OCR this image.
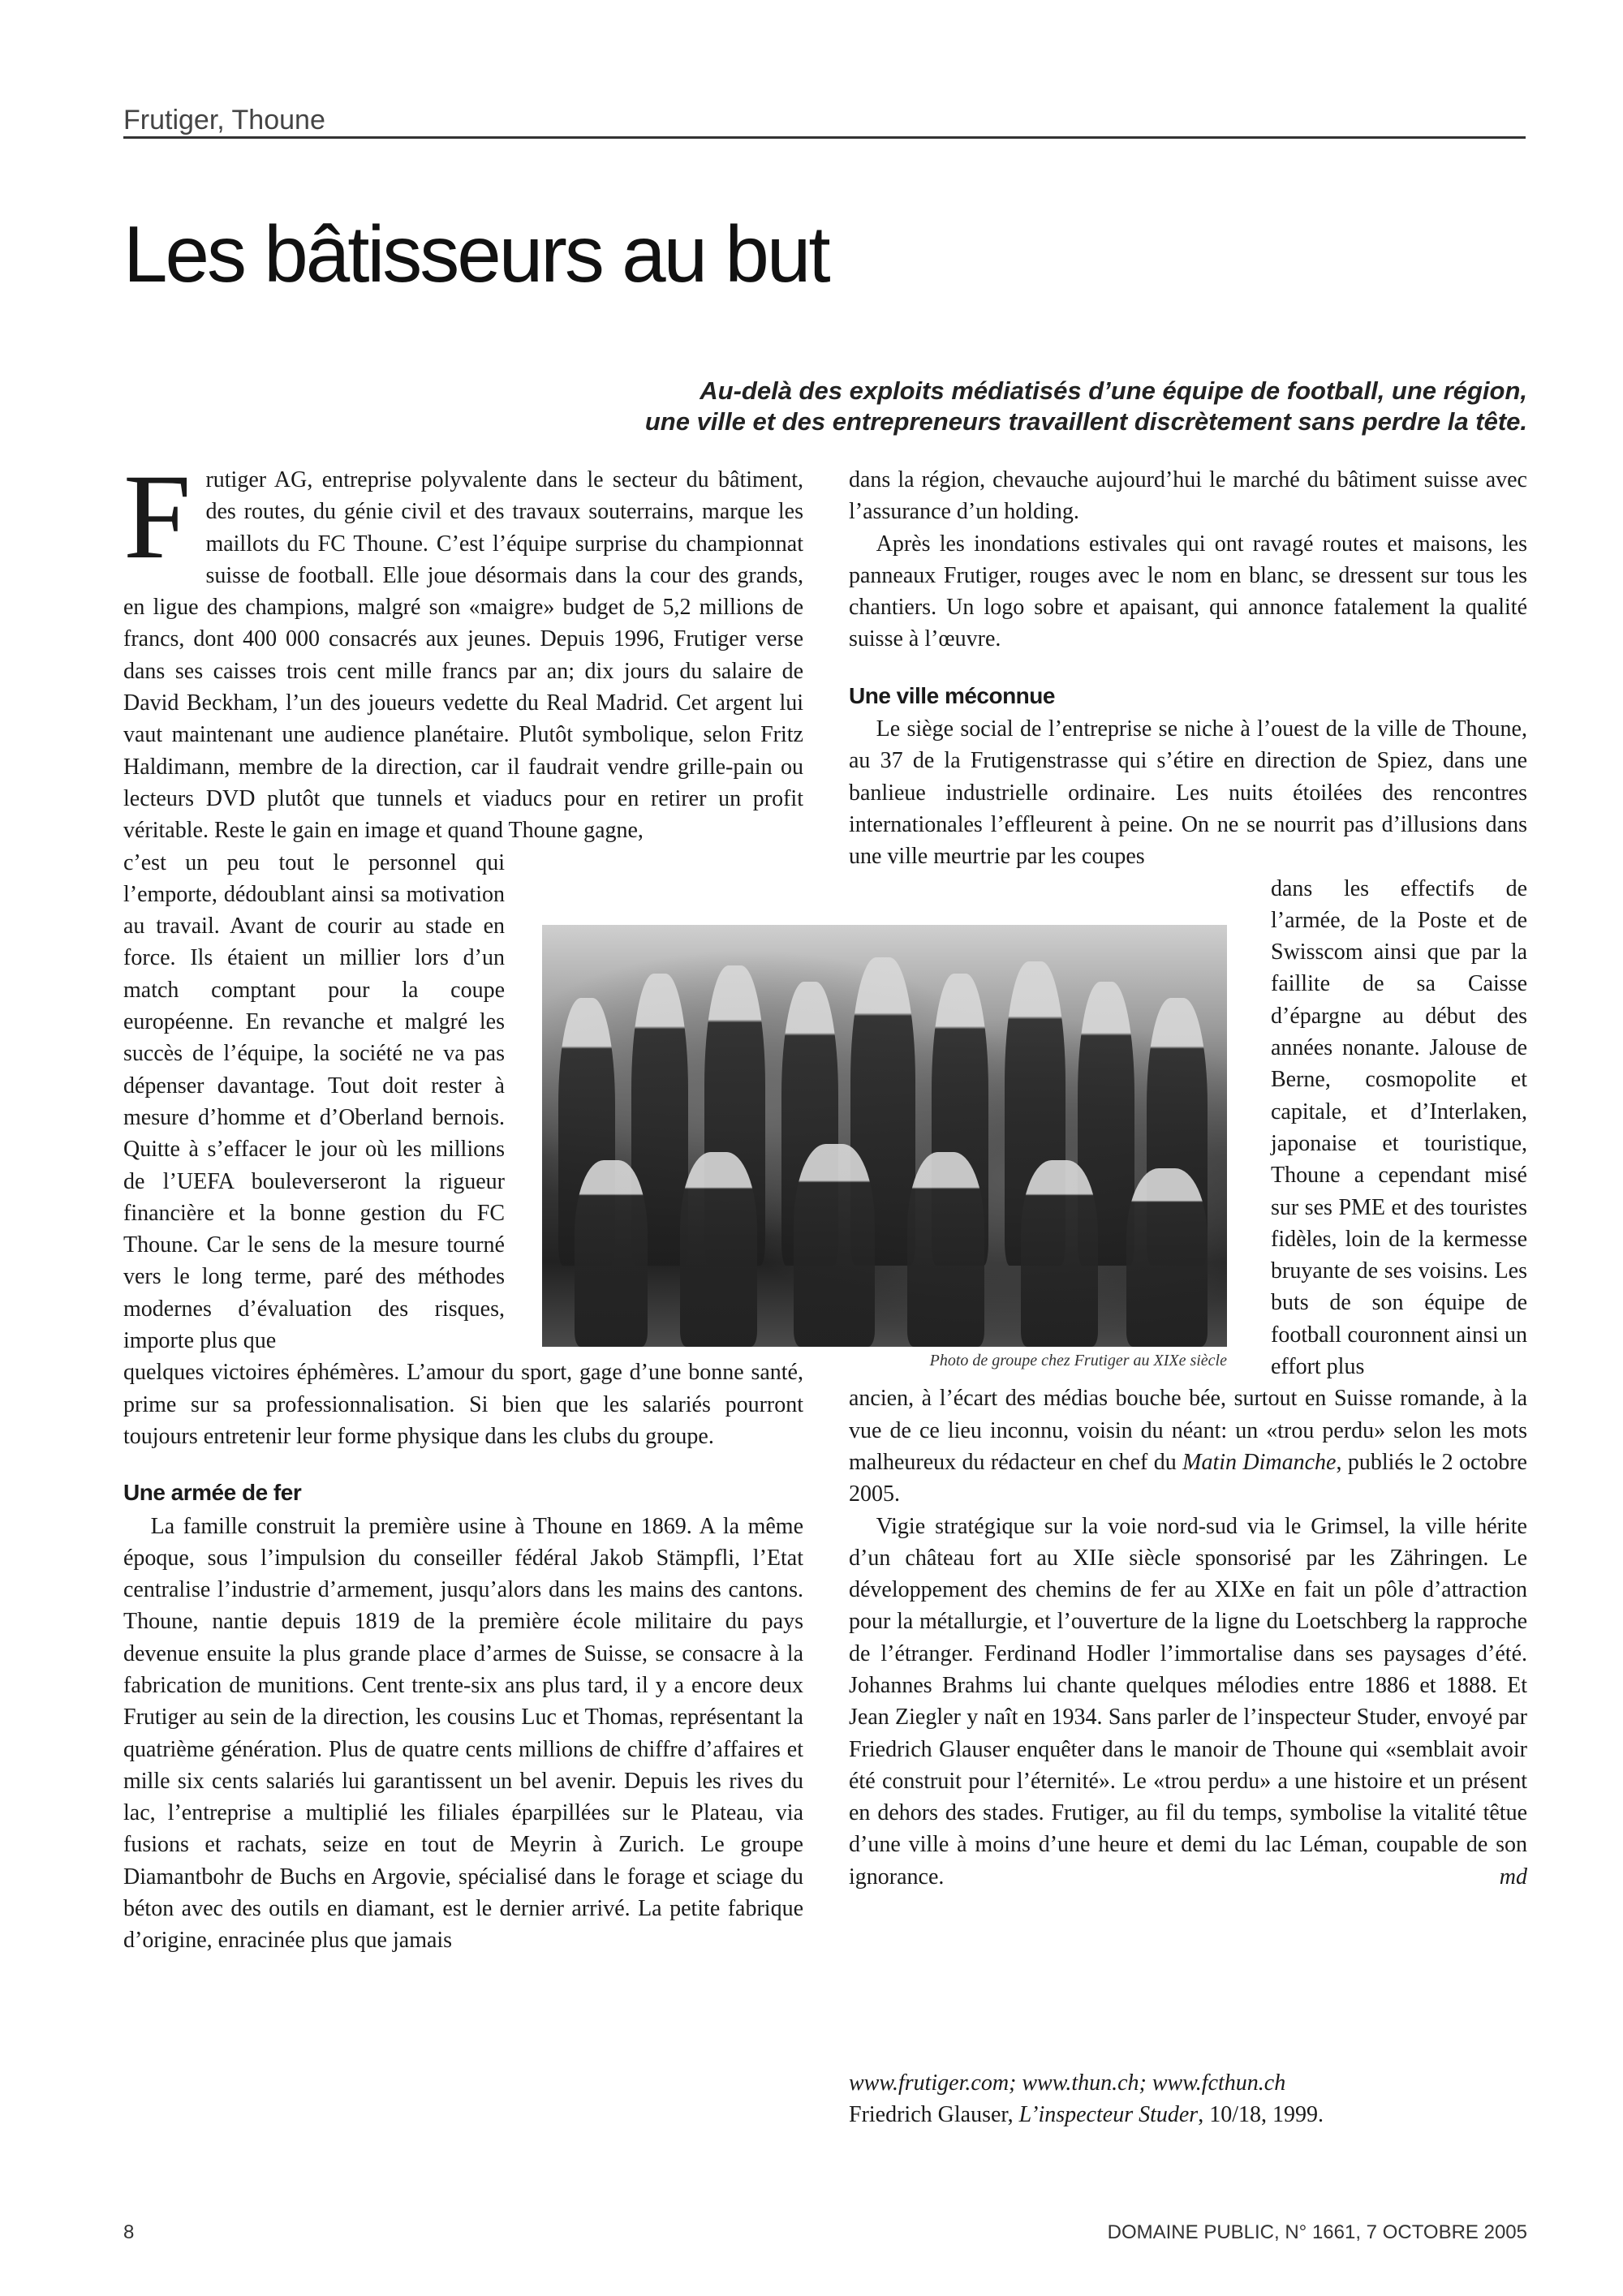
Frutiger, Thoune
Les bâtisseurs au but
Au-delà des exploits médiatisés d’une équipe de football, une région,
une ville et des entrepreneurs travaillent discrètement sans perdre la tête.
F rutiger AG, entreprise polyvalente dans le secteur du bâtiment, des routes, du génie civil et des travaux souterrains, marque les maillots du FC Thoune. C’est l’équipe surprise du championnat suisse de football. Elle joue désormais dans la cour des grands, en ligue des champions, malgré son «maigre» budget de 5,2 millions de francs, dont 400 000 consacrés aux jeunes. Depuis 1996, Frutiger verse dans ses caisses trois cent mille francs par an; dix jours du salaire de David Beckham, l’un des joueurs vedette du Real Madrid. Cet argent lui vaut maintenant une audience planétaire. Plutôt symbolique, selon Fritz Haldimann, membre de la direction, car il faudrait vendre grille-pain ou lecteurs DVD plutôt que tunnels et viaducs pour en retirer un profit véritable. Reste le gain en image et quand Thoune gagne,

c’est un peu tout le personnel qui l’emporte, dédoublant ainsi sa motivation au travail. Avant de courir au stade en force. Ils étaient un millier lors d’un match comptant pour la coupe européenne. En revanche et malgré les succès de l’équipe, la société ne va pas dépenser davantage. Tout doit rester à mesure d’homme et d’Oberland bernois. Quitte à s’effacer le jour où les millions de l’UEFA bouleverseront la rigueur financière et la bonne gestion du FC Thoune. Car le sens de la mesure tourné vers le long terme, paré des méthodes modernes d’évaluation des risques, importe plus que

quelques victoires éphémères. L’amour du sport, gage d’une bonne santé, prime sur sa professionnalisation. Si bien que les salariés pourront toujours entretenir leur forme physique dans les clubs du groupe.

Une armée de fer

La famille construit la première usine à Thoune en 1869. A la même époque, sous l’impulsion du conseiller fédéral Jakob Stämpfli, l’Etat centralise l’industrie d’armement, jusqu’alors dans les mains des cantons. Thoune, nantie depuis 1819 de la première école militaire du pays devenue ensuite la plus grande place d’armes de Suisse, se consacre à la fabrication de munitions. Cent trente-six ans plus tard, il y a encore deux Frutiger au sein de la direction, les cousins Luc et Thomas, représentant la quatrième génération. Plus de quatre cents millions de chiffre d’affaires et mille six cents salariés lui garantissent un bel avenir. Depuis les rives du lac, l’entreprise a multiplié les filiales éparpillées sur le Plateau, via fusions et rachats, seize en tout de Meyrin à Zurich. Le groupe Diamantbohr de Buchs en Argovie, spécialisé dans le forage et sciage du béton avec des outils en diamant, est le dernier arrivé. La petite fabrique d’origine, enracinée plus que jamais

dans la région, chevauche aujourd’hui le marché du bâtiment suisse avec l’assurance d’un holding.

Après les inondations estivales qui ont ravagé routes et maisons, les panneaux Frutiger, rouges avec le nom en blanc, se dressent sur tous les chantiers. Un logo sobre et apaisant, qui annonce fatalement la qualité suisse à l’œuvre.

Une ville méconnue

Le siège social de l’entreprise se niche à l’ouest de la ville de Thoune, au 37 de la Frutigenstrasse qui s’étire en direction de Spiez, dans une banlieue industrielle ordinaire. Les nuits étoilées des rencontres internationales l’effleurent à peine. On ne se nourrit pas d’illusions dans une ville meurtrie par les coupes

dans les effectifs de l’armée, de la Poste et de Swisscom ainsi que par la faillite de sa Caisse d’épargne au début des années nonante. Jalouse de Berne, cosmopolite et capitale, et d’Interlaken, japonaise et touristique, Thoune a cependant misé sur ses PME et des touristes fidèles, loin de la kermesse bruyante de ses voisins. Les buts de son équipe de football couronnent ainsi un effort plus

ancien, à l’écart des médias bouche bée, surtout en Suisse romande, à la vue de ce lieu inconnu, voisin du néant: un «trou perdu» selon les mots malheureux du rédacteur en chef du Matin Dimanche, publiés le 2 octobre 2005.

Vigie stratégique sur la voie nord-sud via le Grimsel, la ville hérite d’un château fort au XIIe siècle sponsorisé par les Zähringen. Le développement des chemins de fer au XIXe en fait un pôle d’attraction pour la métallurgie, et l’ouverture de la ligne du Loetschberg la rapproche de l’étranger. Ferdinand Hodler l’immortalise dans ses paysages d’été. Johannes Brahms lui chante quelques mélodies entre 1886 et 1888. Et Jean Ziegler y naît en 1934. Sans parler de l’inspecteur Studer, envoyé par Friedrich Glauser enquêter dans le manoir de Thoune qui «semblait avoir été construit pour l’éternité». Le «trou perdu» a une histoire et un présent en dehors des stades. Frutiger, au fil du temps, symbolise la vitalité têtue d’une ville à moins d’une heure et demi du lac Léman, coupable de son ignorance.	md

Photo de groupe chez Frutiger au XIXe siècle
www.frutiger.com; www.thun.ch; www.fcthun.ch
Friedrich Glauser, L’inspecteur Studer, 10/18, 1999.
8	DOMAINE PUBLIC, N° 1661, 7 OCTOBRE 2005
